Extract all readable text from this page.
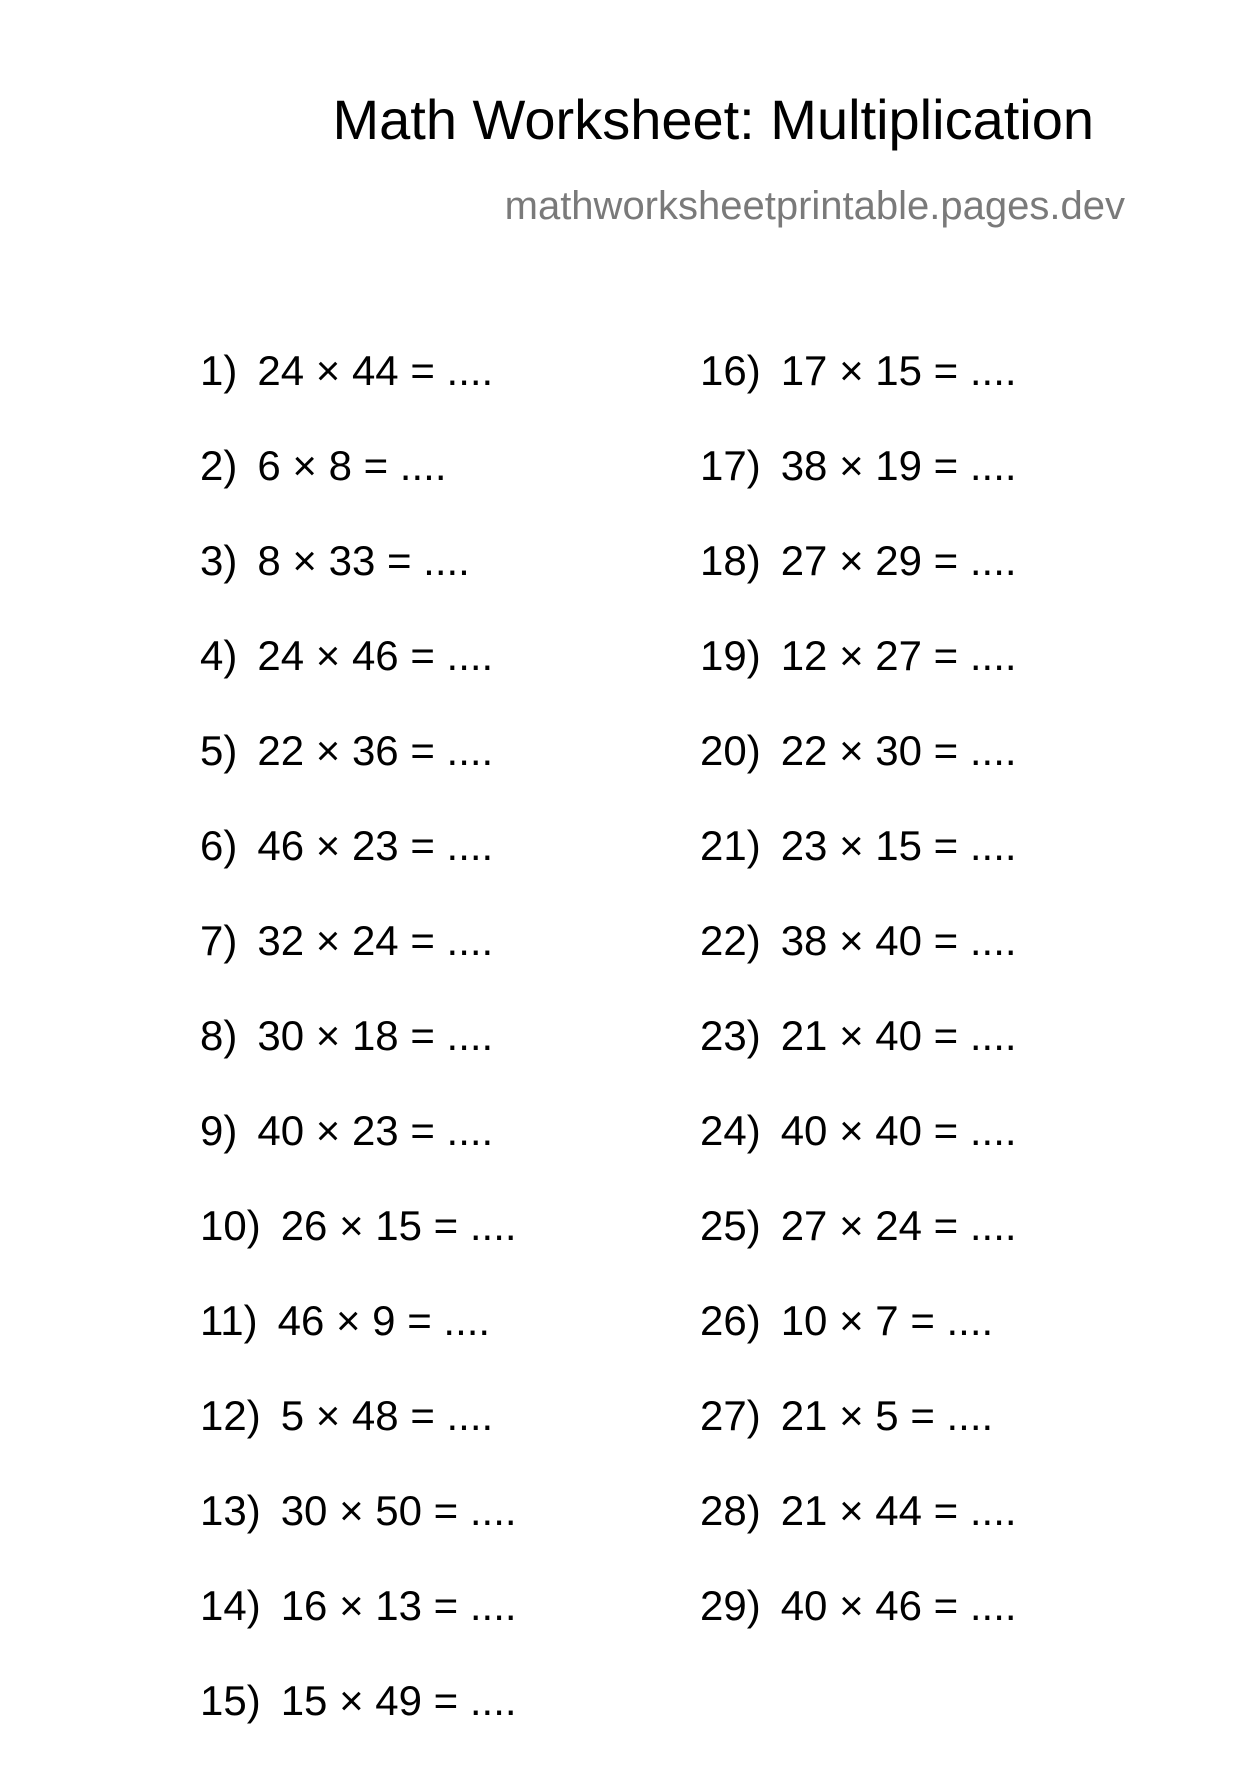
Math Worksheet: Multiplication
mathworksheetprintable.pages.dev
1) 24 × 44 = ....
2) 6 × 8 = ....
3) 8 × 33 = ....
4) 24 × 46 = ....
5) 22 × 36 = ....
6) 46 × 23 = ....
7) 32 × 24 = ....
8) 30 × 18 = ....
9) 40 × 23 = ....
10) 26 × 15 = ....
11) 46 × 9 = ....
12) 5 × 48 = ....
13) 30 × 50 = ....
14) 16 × 13 = ....
15) 15 × 49 = ....
16) 17 × 15 = ....
17) 38 × 19 = ....
18) 27 × 29 = ....
19) 12 × 27 = ....
20) 22 × 30 = ....
21) 23 × 15 = ....
22) 38 × 40 = ....
23) 21 × 40 = ....
24) 40 × 40 = ....
25) 27 × 24 = ....
26) 10 × 7 = ....
27) 21 × 5 = ....
28) 21 × 44 = ....
29) 40 × 46 = ....
